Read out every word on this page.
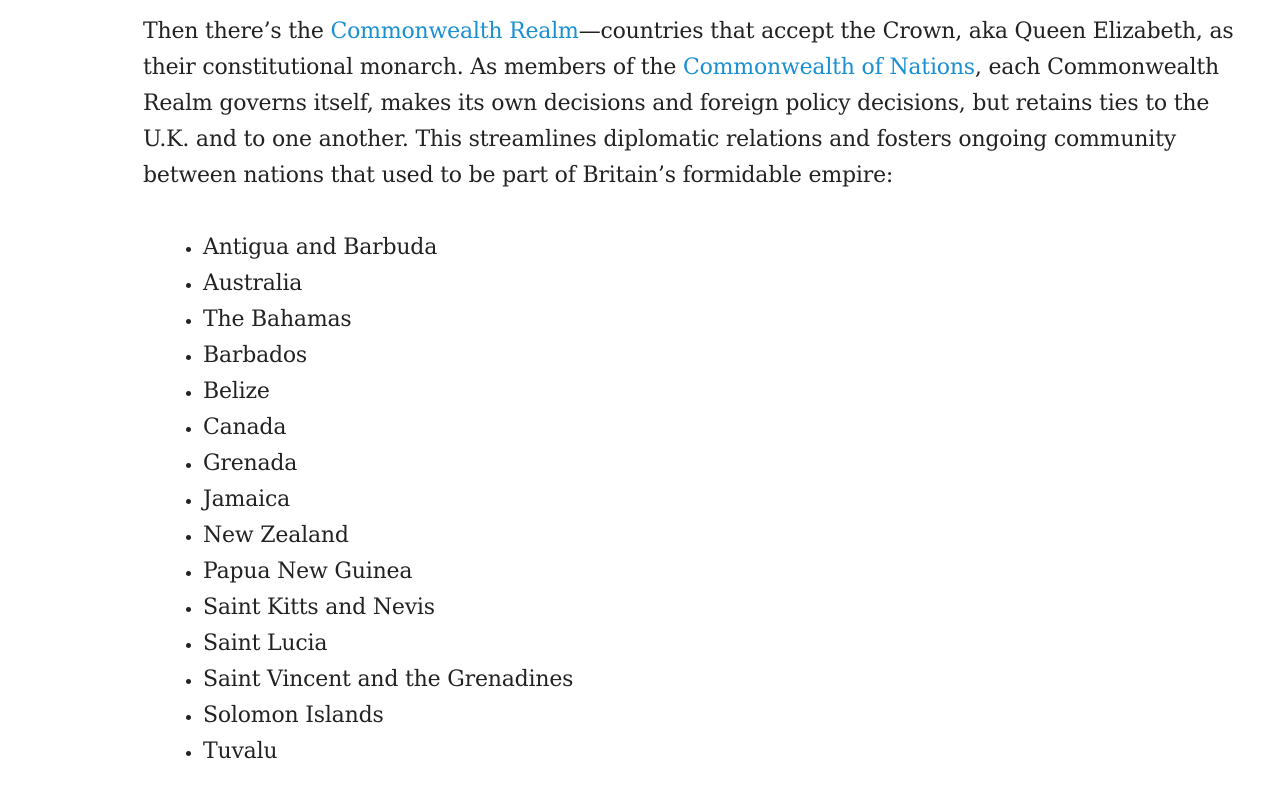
Then there’s the Commonwealth Realm—countries that accept the Crown, aka Queen Elizabeth, as their constitutional monarch. As members of the Commonwealth of Nations, each Commonwealth Realm governs itself, makes its own decisions and foreign policy decisions, but retains ties to the U.K. and to one another. This streamlines diplomatic relations and fosters ongoing community between nations that used to be part of Britain’s formidable empire:

• Antigua and Barbuda
• Australia
• The Bahamas
• Barbados
• Belize
• Canada
• Grenada
• Jamaica
• New Zealand
• Papua New Guinea
• Saint Kitts and Nevis
• Saint Lucia
• Saint Vincent and the Grenadines
• Solomon Islands
• Tuvalu
